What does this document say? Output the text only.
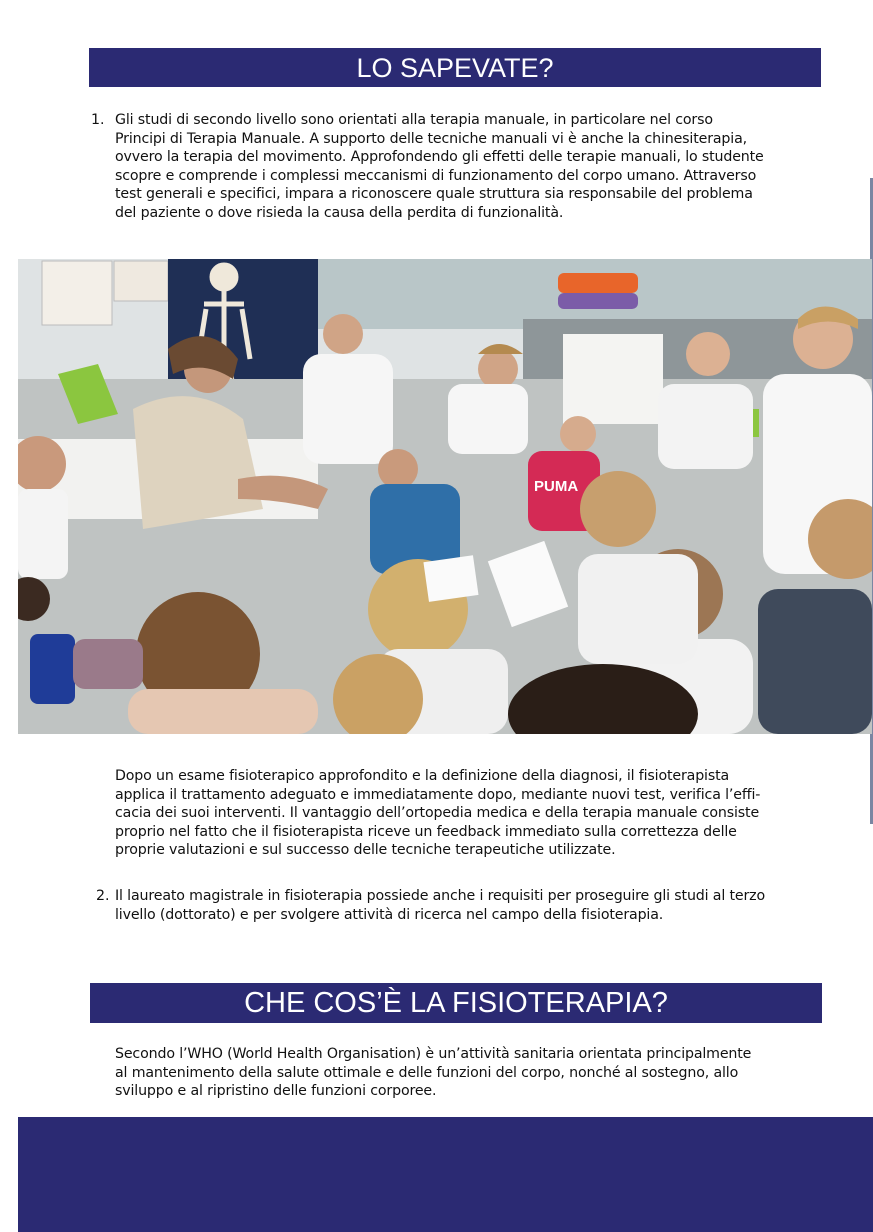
LO SAPEVATE?
1. Gli studi di secondo livello sono orientati alla terapia manuale, in particolare nel corso
Principi di Terapia Manuale. A supporto delle tecniche manuali vi è anche la chinesiterapia,
ovvero la terapia del movimento. Approfondendo gli effetti delle terapie manuali, lo studente
scopre e comprende i complessi meccanismi di funzionamento del corpo umano. Attraverso
test generali e specifici, impara a riconoscere quale struttura sia responsabile del problema
del paziente o dove risieda la causa della perdita di funzionalità.
PUMA
Dopo un esame fisioterapico approfondito e la definizione della diagnosi, il fisioterapista
applica il trattamento adeguato e immediatamente dopo, mediante nuovi test, verifica l’effi-
cacia dei suoi interventi. Il vantaggio dell’ortopedia medica e della terapia manuale consiste
proprio nel fatto che il fisioterapista riceve un feedback immediato sulla correttezza delle
proprie valutazioni e sul successo delle tecniche terapeutiche utilizzate.
2. Il laureato magistrale in fisioterapia possiede anche i requisiti per proseguire gli studi al terzo
livello (dottorato) e per svolgere attività di ricerca nel campo della fisioterapia.
CHE COS’È LA FISIOTERAPIA?
Secondo l’WHO (World Health Organisation) è un’attività sanitaria orientata principalmente
al mantenimento della salute ottimale e delle funzioni del corpo, nonché al sostegno, allo
sviluppo e al ripristino delle funzioni corporee.
